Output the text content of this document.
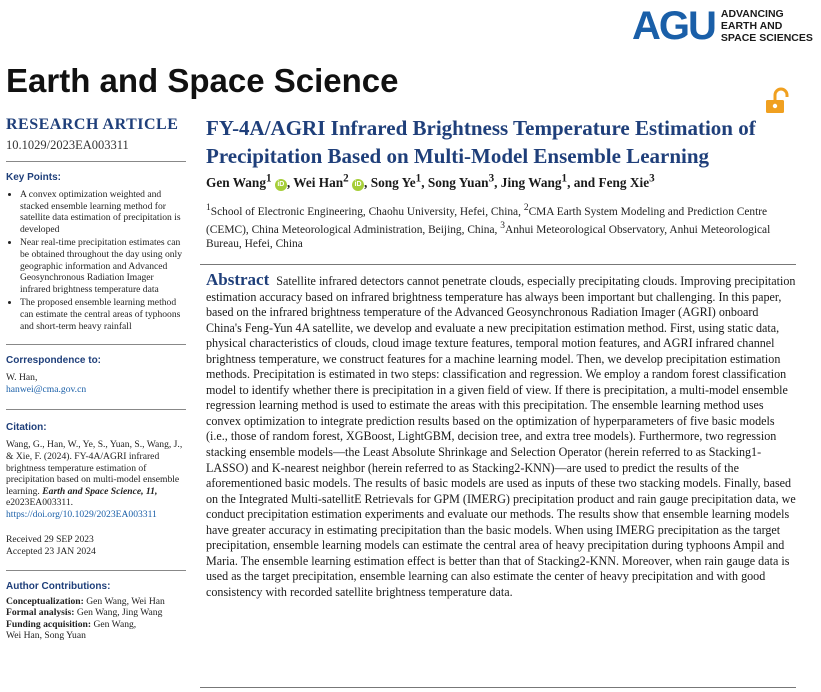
AGU ADVANCING
EARTH AND
SPACE SCIENCES
Earth and Space Science
RESEARCH ARTICLE
10.1029/2023EA003311
Key Points:
• A convex optimization weighted and stacked ensemble learning method for satellite data estimation of precipitation is developed
• Near real-time precipitation estimates can be obtained throughout the day using only geographic information and Advanced Geosynchronous Radiation Imager infrared brightness temperature data
• The proposed ensemble learning method can estimate the central areas of typhoons and short-term heavy rainfall
Correspondence to:
W. Han,
hanwei@cma.gov.cn
Citation:
Wang, G., Han, W., Ye, S., Yuan, S., Wang, J., & Xie, F. (2024). FY-4A/AGRI infrared brightness temperature estimation of precipitation based on multi-model ensemble learning. Earth and Space Science, 11, e2023EA003311. https://doi.org/10.1029/2023EA003311
Received 29 SEP 2023
Accepted 23 JAN 2024
Author Contributions:
Conceptualization: Gen Wang, Wei Han
Formal analysis: Gen Wang, Jing Wang
Funding acquisition: Gen Wang,
Wei Han, Song Yuan
FY-4A/AGRI Infrared Brightness Temperature Estimation of Precipitation Based on Multi-Model Ensemble Learning
Gen Wang$^1$ iD , Wei Han$^2$ iD , Song Ye$^1$, Song Yuan$^3$, Jing Wang$^1$, and Feng Xie$^3$
$^1$School of Electronic Engineering, Chaohu University, Hefei, China, $^2$CMA Earth System Modeling and Prediction Centre (CEMC), China Meteorological Administration, Beijing, China, $^3$Anhui Meteorological Observatory, Anhui Meteorological Bureau, Hefei, China
Abstract Satellite infrared detectors cannot penetrate clouds, especially precipitating clouds. Improving precipitation estimation accuracy based on infrared brightness temperature has always been important but challenging. In this paper, based on the infrared brightness temperature of the Advanced Geosynchronous Radiation Imager (AGRI) onboard China's Feng-Yun 4A satellite, we develop and evaluate a new precipitation estimation method. First, using static data, physical characteristics of clouds, cloud image texture features, temporal motion features, and AGRI infrared channel brightness temperature, we construct features for a machine learning model. Then, we develop precipitation estimation methods. Precipitation is estimated in two steps: classification and regression. We employ a random forest classification model to identify whether there is precipitation in a given field of view. If there is precipitation, a multi-model ensemble regression learning method is used to estimate the areas with this precipitation. The ensemble learning method uses convex optimization to integrate prediction results based on the optimization of hyperparameters of five basic models (i.e., those of random forest, XGBoost, LightGBM, decision tree, and extra tree models). Furthermore, two regression stacking ensemble models—the Least Absolute Shrinkage and Selection Operator (herein referred to as Stacking1-LASSO) and K-nearest neighbor (herein referred to as Stacking2-KNN)—are used to predict the results of the aforementioned basic models. The results of basic models are used as inputs of these two stacking models. Finally, based on the Integrated Multi-satellitE Retrievals for GPM (IMERG) precipitation product and rain gauge precipitation data, we conduct precipitation estimation experiments and evaluate our methods. The results show that ensemble learning models have greater accuracy in estimating precipitation than the basic models. When using IMERG precipitation as the target precipitation, ensemble learning models can estimate the central area of heavy precipitation during typhoons Ampil and Maria. The ensemble learning estimation effect is better than that of Stacking2-KNN. Moreover, when rain gauge data is used as the target precipitation, ensemble learning can also estimate the center of heavy precipitation and with good consistency with recorded satellite brightness temperature data.
